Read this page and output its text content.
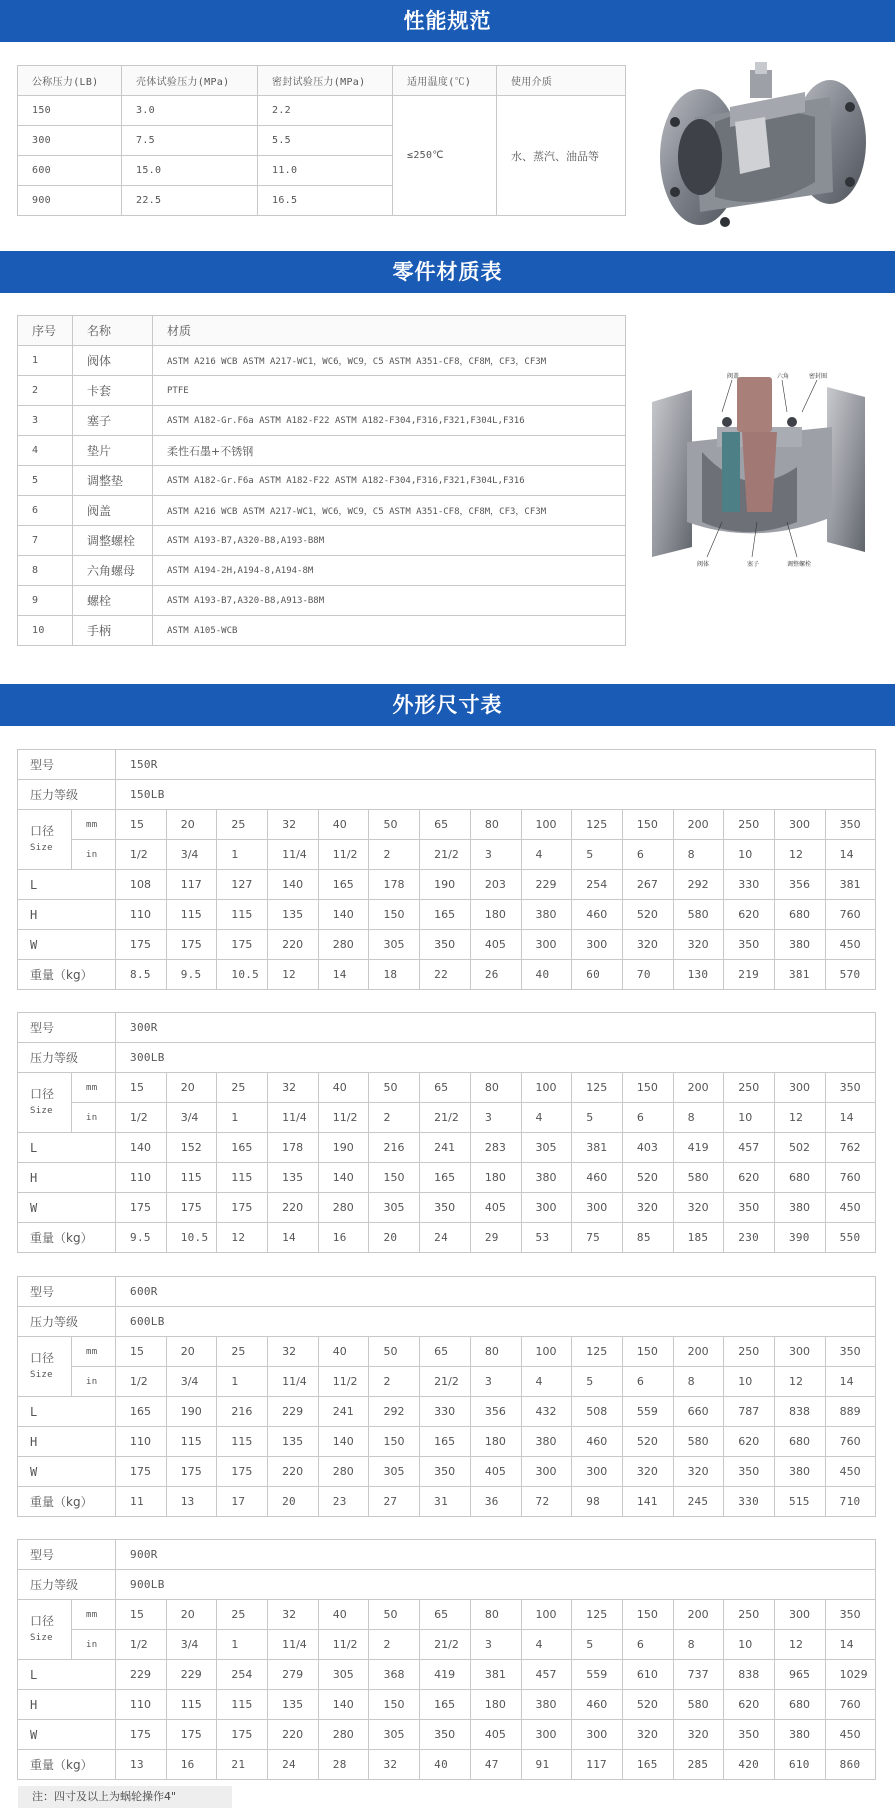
性能规范
零件材质表
外形尺寸表
公称压力(LB)	壳体试验压力(MPa)	密封试验压力(MPa)	适用温度(℃)	使用介质
150	3.0	2.2	≤250℃	水、蒸汽、油品等
300	7.5	5.5		
600	15.0	11.0		
900	22.5	16.5		
序号	名称	材质
1	阀体	ASTM A216 WCB ASTM A217-WC1，WC6，WC9，C5 ASTM A351-CF8，CF8M，CF3，CF3M
2	卡套	PTFE
3	塞子	ASTM A182-Gr.F6a ASTM A182-F22 ASTM A182-F304,F316,F321,F304L,F316
4	垫片	柔性石墨+不锈钢
5	调整垫	ASTM A182-Gr.F6a ASTM A182-F22 ASTM A182-F304,F316,F321,F304L,F316
6	阀盖	ASTM A216 WCB ASTM A217-WC1，WC6，WC9，C5 ASTM A351-CF8，CF8M，CF3，CF3M
7	调整螺栓	ASTM A193-B7,A320-B8,A193-B8M
8	六角螺母	ASTM A194-2H,A194-8,A194-8M
9	螺栓	ASTM A193-B7,A320-B8,A913-B8M
10	手柄	ASTM A105-WCB
阀盖	六角	密封圈
阀体	塞子	调整螺栓
型号		150R														
压力等级		150LB														
口径
Size	mm	15	20	25	32	40	50	65	80	100	125	150	200	250	300	350
	in	1/2	3/4	1	11/4	11/2	2	21/2	3	4	5	6	8	10	12	14
L		108	117	127	140	165	178	190	203	229	254	267	292	330	356	381
H		110	115	115	135	140	150	165	180	380	460	520	580	620	680	760
W		175	175	175	220	280	305	350	405	300	300	320	320	350	380	450
重量（kg）		8.5	9.5	10.5	12	14	18	22	26	40	60	70	130	219	381	570
型号		300R														
压力等级		300LB														
口径
Size	mm	15	20	25	32	40	50	65	80	100	125	150	200	250	300	350
	in	1/2	3/4	1	11/4	11/2	2	21/2	3	4	5	6	8	10	12	14
L		140	152	165	178	190	216	241	283	305	381	403	419	457	502	762
H		110	115	115	135	140	150	165	180	380	460	520	580	620	680	760
W		175	175	175	220	280	305	350	405	300	300	320	320	350	380	450
重量（kg）		9.5	10.5	12	14	16	20	24	29	53	75	85	185	230	390	550
型号		600R														
压力等级		600LB														
口径
Size	mm	15	20	25	32	40	50	65	80	100	125	150	200	250	300	350
	in	1/2	3/4	1	11/4	11/2	2	21/2	3	4	5	6	8	10	12	14
L		165	190	216	229	241	292	330	356	432	508	559	660	787	838	889
H		110	115	115	135	140	150	165	180	380	460	520	580	620	680	760
W		175	175	175	220	280	305	350	405	300	300	320	320	350	380	450
重量（kg）		11	13	17	20	23	27	31	36	72	98	141	245	330	515	710
型号		900R														
压力等级		900LB														
口径
Size	mm	15	20	25	32	40	50	65	80	100	125	150	200	250	300	350
	in	1/2	3/4	1	11/4	11/2	2	21/2	3	4	5	6	8	10	12	14
L		229	229	254	279	305	368	419	381	457	559	610	737	838	965	1029
H		110	115	115	135	140	150	165	180	380	460	520	580	620	680	760
W		175	175	175	220	280	305	350	405	300	300	320	320	350	380	450
重量（kg）		13	16	21	24	28	32	40	47	91	117	165	285	420	610	860
注：四寸及以上为蜗轮操作4"
